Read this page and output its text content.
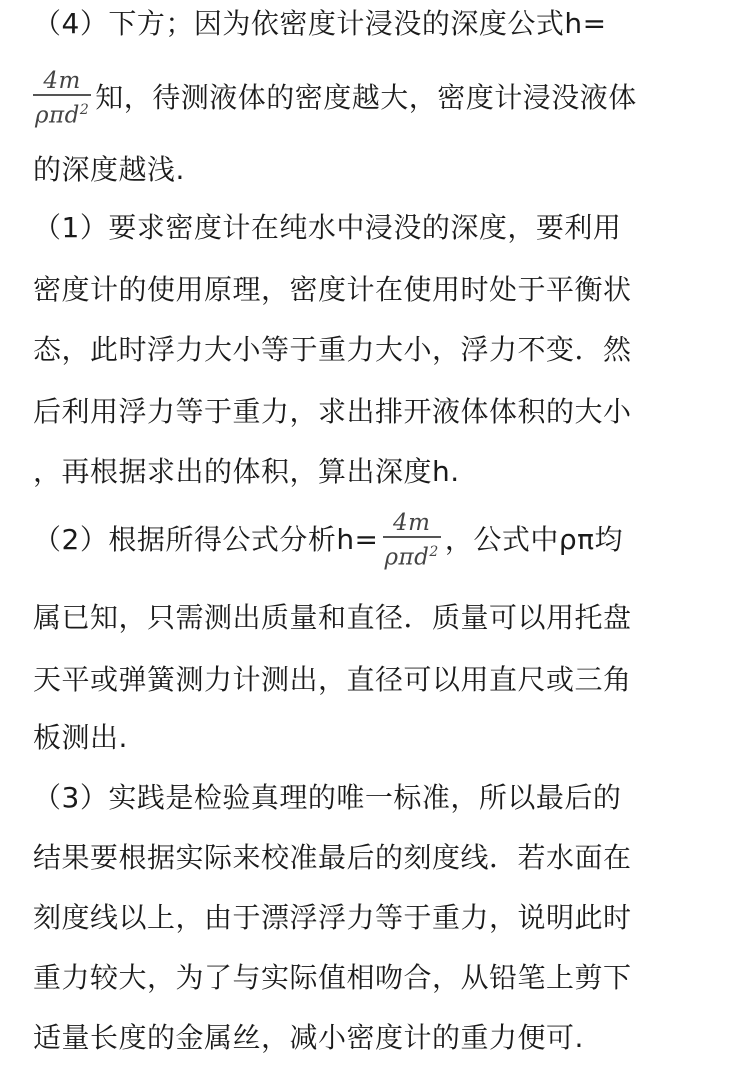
（4）下方；因为依密度计浸没的深度公式h=
$\frac{4m}{\rho\pi d^2}$ 知，待测液体的密度越大，密度计浸没液体
的深度越浅.
（1）要求密度计在纯水中浸没的深度，要利用
密度计的使用原理，密度计在使用时处于平衡状
态，此时浮力大小等于重力大小，浮力不变．然
后利用浮力等于重力，求出排开液体体积的大小
，再根据求出的体积，算出深度h.
（2）根据所得公式分析$h= \frac{4m}{\rho\pi d^2}$ ，公式中ρπ均
属已知，只需测出质量和直径．质量可以用托盘
天平或弹簧测力计测出，直径可以用直尺或三角
板测出.
（3）实践是检验真理的唯一标准，所以最后的
结果要根据实际来校准最后的刻度线．若水面在
刻度线以上，由于漂浮浮力等于重力，说明此时
重力较大，为了与实际值相吻合，从铅笔上剪下
适量长度的金属丝，减小密度计的重力便可.
